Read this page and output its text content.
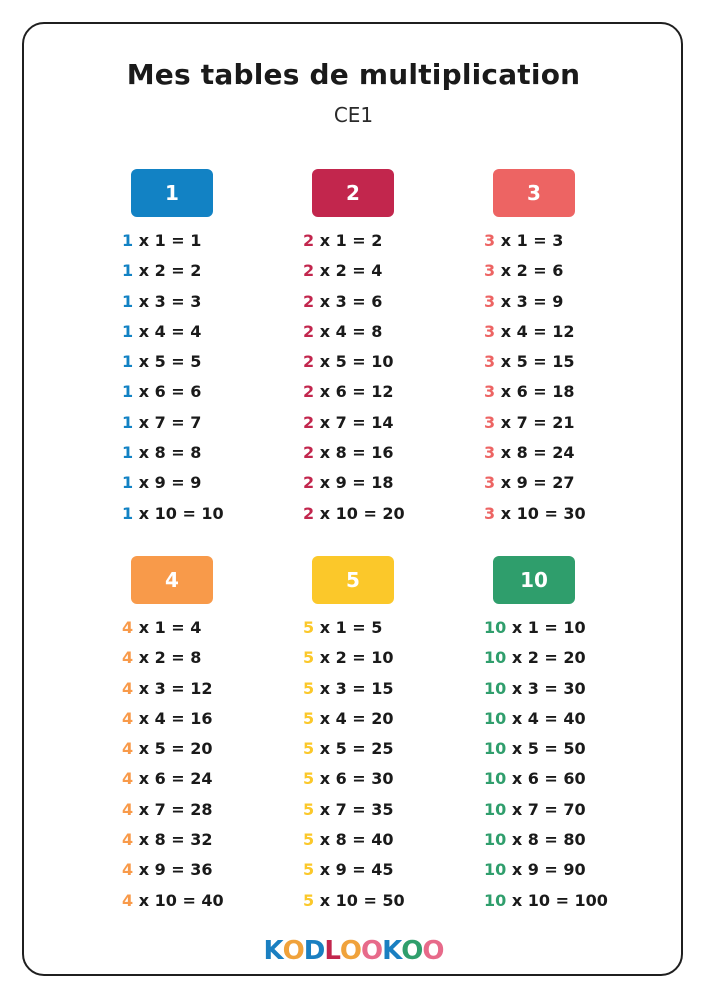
Mes tables de multiplication
CE1
1
1 x 1 = 1
1 x 2 = 2
1 x 3 = 3
1 x 4 = 4
1 x 5 = 5
1 x 6 = 6
1 x 7 = 7
1 x 8 = 8
1 x 9 = 9
1 x 10 = 10
2
2 x 1 = 2
2 x 2 = 4
2 x 3 = 6
2 x 4 = 8
2 x 5 = 10
2 x 6 = 12
2 x 7 = 14
2 x 8 = 16
2 x 9 = 18
2 x 10 = 20
3
3 x 1 = 3
3 x 2 = 6
3 x 3 = 9
3 x 4 = 12
3 x 5 = 15
3 x 6 = 18
3 x 7 = 21
3 x 8 = 24
3 x 9 = 27
3 x 10 = 30
4
4 x 1 = 4
4 x 2 = 8
4 x 3 = 12
4 x 4 = 16
4 x 5 = 20
4 x 6 = 24
4 x 7 = 28
4 x 8 = 32
4 x 9 = 36
4 x 10 = 40
5
5 x 1 = 5
5 x 2 = 10
5 x 3 = 15
5 x 4 = 20
5 x 5 = 25
5 x 6 = 30
5 x 7 = 35
5 x 8 = 40
5 x 9 = 45
5 x 10 = 50
10
10 x 1 = 10
10 x 2 = 20
10 x 3 = 30
10 x 4 = 40
10 x 5 = 50
10 x 6 = 60
10 x 7 = 70
10 x 8 = 80
10 x 9 = 90
10 x 10 = 100
KODLOOKOO
